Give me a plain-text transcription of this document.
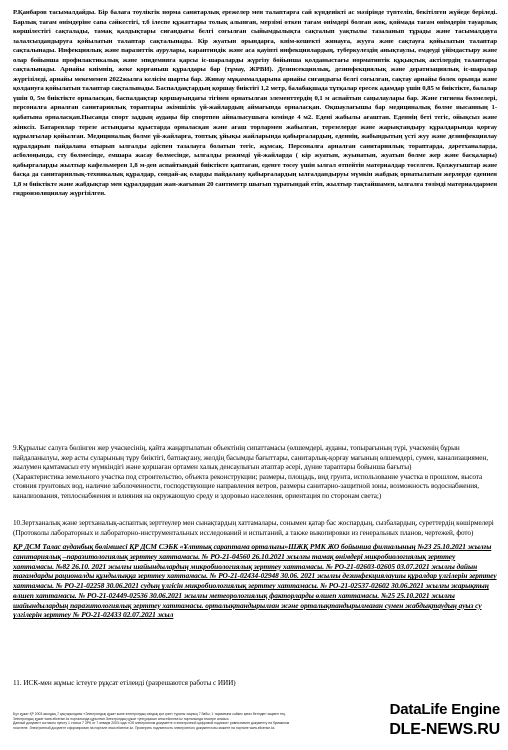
Р.Қанбаров тасымалдайды. Бір балаға тоулікгік норма санитарлық ережелер мен талаптарға сай күндеиікті ас мәзірінде түптеліп, бекітілген жүйеде беріледі. Барлық тағам өнімдеріне сапа сәйкестігі, т.б ілеспе құжаттары толық алынған, мерзімі өткен тағам өнімдері болған жоқ, қоймада тағам өнімдерін тауарлық көршілестігі сақталады, тамақ қалдықтары сиғандығы белгі соғылған сыйымдылықта сақталып уақтылы тазаланып тұрады және тасымалдауға залалсыздандыруға қойылатын талаптар сақталынады. Кір жуатын орындарға, кнім-кешекті жинауға, жууға және сақтауға қойылатын талаптар сақталынады. Инфекциялық және паразиттік аурулары, карантиндік және аса қауіпті инфекциялардың, туберкулездің анықтаулы, емдеуді үйімдастыру және олар бойынша профилактикалық және эпидемияга қарсы іс-шараларды жүргізу бойынша қолданыстағы нормативтік құқықтық актілердің талаптары сақталынады. Арнайы киімнің, жеке қорғаныш құралдары бар (тұмау, ЖРВИ). Дезинсекциялық, дезинфекциялық және дератизациялық іс-шаралар жүргізіледі, арнайы мекемемен 2022жылға келісім шарты бар. Жинау мұқаммалдарына арнайы сиғандығы белгі соғылған, сақтау арнайы бөлек орында және қолдануға қойылатын талаптар сақталынады. Баспалдақтардың қоршау биіктігі 1,2 метр, балабақшада тұтқалар ересек адамдар үшін 0,85 м биіктікте, балалар үшін 0, 5м биіктікте орналасқан, баспалдақтар қоршауындағы тігінен орнатылған элементтердің 0,1 м аспайтын саңылаулары бар. Және гигиена бөлмелері, персоналға арналған санитариялық тораптары әкімшілік үй-жайлардың аймағында орналасқан. Оқшаулағышы бар медициналық бөлме нысанның 1-қабатына орналасқан.Нысанда спорт заддың аудаңы бір спортпен айналысушыға кемінде 4 м2. Едені жабылы ағаштан. Еденнің беті тегіс, ойықсыз және жінксіз. Батареялар терезе астындағы құыстарда орналасқан және ағаш торлармен жабылған, терезелерде және жарықтандыру құралдарында қорғау құрылғылар қойылған. Медициналық бөлме үй-жайларға, топтық ұйықы жайларында қабырғалардың, еденнің, жабындытың үсті жуу және дезинфекциялау құралдарын пайдалана отырып ылғалды әдіспен тазалауга болатын тегіс, жұмсақ. Персоналға арналған санитариялық тораптарда, дәретханаларда, асболоңында, сту бөлмесінде, емшара жасау бөлмесінде, ылғалды режимді үй-жайларда ( кір жуатын, жуынатын, жуатын бөлме жер және басқалары) қабырғаларды жылтыр кафельмерен 1,8 м-ден аспайтындай биіктікте қаптаған, еденге тосеу үшін ылғал өтпейтін материалдар төселген. Қолжуғыштар және басқа да санитариялық-техникалық құралдар, сондай-ақ оларды пайдалану қабырғалардың ылғалдандыруы мүмкін жабдық орнатылатын жерлерде еденнен 1,8 м биіктікте және жабдықтар мен құралдардан жан-жағынан 20 сантиметр шығып тұратындай етіп, жылтыр тақтайшамен, ылғалға төзімді материалдармен гидроизоляциялау жүргізілген.

9.Құрылыс салуға бөлінген жер учаскесінің, қайта жаңартылатын объектінің сипаттамасы (өлшемдері, ауданы, топырағының түрі, учаскенің бұрын пайдаланылуы, жер асты суларының тұру биіктігі, батпақтану, желдің басымды бағыттары, санитарлық-қорғау магының өлшемдері, сумен, канализациямен, жылумен қамтамасыз ету мүмкіндігі және қоршаған ортамен халық денсаулығын атаптар әсері, дүние тараптары бойынша бағыты)

(Характеристика земельного участка под строительство, объекта реконструкции; размеры, площадь, вид грунта, использование участка в прошлом, высота стояния грунтовых вод, наличие заболоченности, господствующие направления ветров, размеры санитарно-защитной зоны, возможность водоснабжения, канализования, теплоснабжения и влияния на окружающую среду и здоровью населения, ориентация по сторонам света;)

10.Зертханалық және зертханалық-аспаптық зерттеулер мен сынақтардың хаттамалары, сонымен қатар бас жоспардың, сызбалардың, суреттердің көшірмелері

(Протоколы лабораторных и лабораторно-инструментальных исследований и испытаний, а также выкопировки из генеральных планов, чертежей, фото)

ҚР ДСМ Талас ауданбық бөлімшесі ҚР ДСМ СЭБК «Ұлттық сараптама орталығы»ШЖҚ РМК ЖО бойынша филиалының №23 25.10.2021 жылғы санитариялық –паразитологиялық зерттеу хаттамасы. № РО-21-04560 26.10.2021 жылғы тамақ өнімдері микробиологиялық зерттеу хаттамасы. №82 26.10. 2021 жылғы шайындылардың микробиологиялық зерттеу хаттамасы. № РО-21-02603-02605 03.07.2021 жылғы дайын тағамдарды рационалды құндылыққа зерттеу хаттамасы. № РО-21-02434-02948 30.06. 2021 жылғы дезинфекциялаушы құралдар үлгілерін зерттеу хаттамасы. № РО-21-02258 30.06.2021 судың үлгісін микробиологиялық зерттеу хаттамасы. № РО-21-02537-02602 30.06.2021 жылғы жарықтың өлшеп хаттамасы. № РО-21-02449-02536 30.06.2021 жылғы метеорологиялық факторларды өлшеп хаттамасы. №25 25.10.2021 жылғы шайындылардың паразитологиялық зерттеу хаттамасы. орталықтандырылған және орталықтандырылмаған сумен жабдықтаудың ауыз су үлгілерін зерттеу № РО-21-02433 02.07.2021 жыл

11. ИСК-мен жұмыс істеуге рұқсат етілеиді (разрешаются работы с ИИИ)

Бұл құжат ҚР 2003 жылдың 7 қаңтарындағы «Электрондық құжат және электрондық сандық қол қою» туралы заңның 7 бабы, 1 тармағына сәйкес қағаз бетіндегі заңмен тең.
Электрондық құжат www.elicense.kz порталында құрылған.Электрондық құжат түпнұсқасын www.elicense.kz порталында тексере аласыз.
Данный документ согласно пункту 1 статьи 7 ЗРК от 7 января 2003 года «Об электронном документе и электронной цифровой подписи» равнозначен документу на бумажном
носителе. Электронный документ сформирован на портале www.elicense.kz. Проверить подлинность электронного документа вы можете на портале www.elicense.kz.
DataLife Engine
DLE-NEWS.RU
